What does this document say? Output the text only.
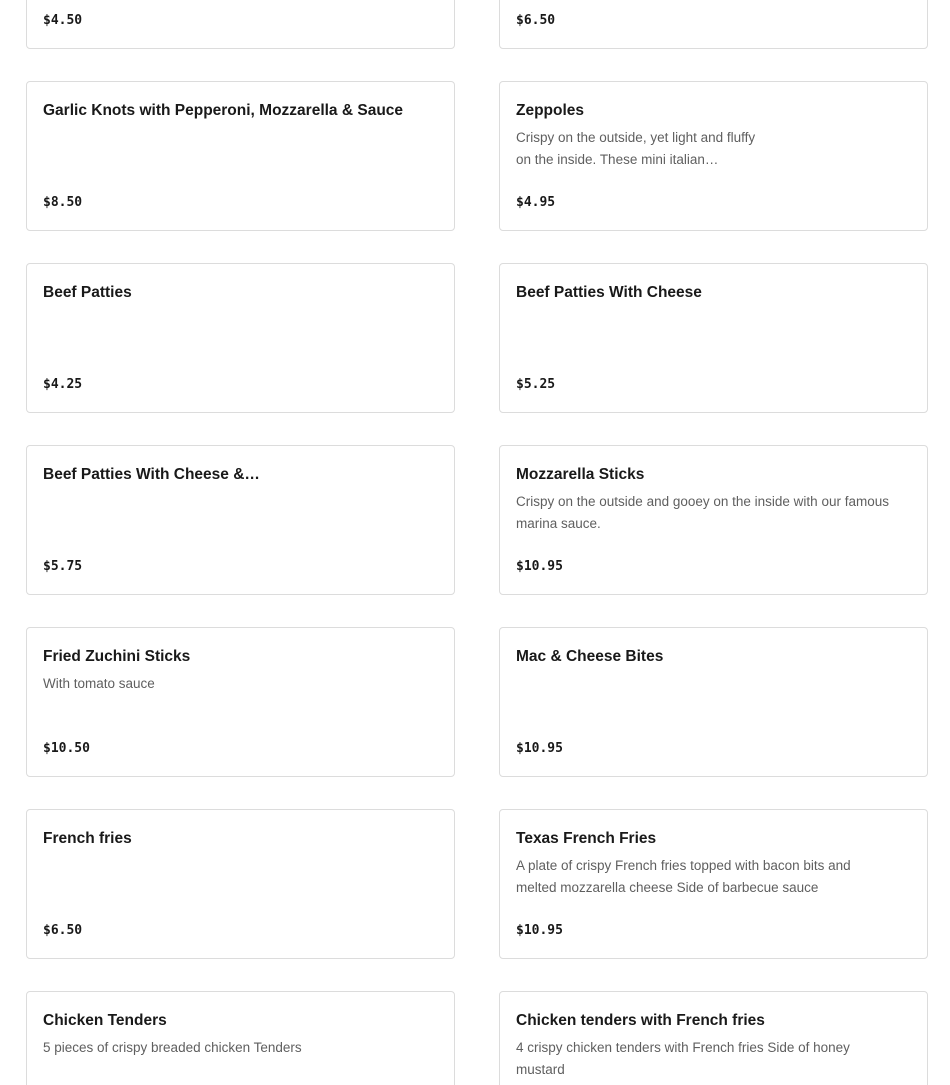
$4.50	$6.50
Garlic Knots with Pepperoni, Mozzarella & Sauce
$8.50
Zeppoles
Crispy on the outside, yet light and fluffy on the inside. These mini italian…
$4.95
Beef Patties
$4.25
Beef Patties With Cheese
$5.25
Beef Patties With Cheese &…
$5.75
Mozzarella Sticks
Crispy on the outside and gooey on the inside with our famous marina sauce.
$10.95
Fried Zuchini Sticks
With tomato sauce
$10.50
Mac & Cheese Bites
$10.95
French fries
$6.50
Texas French Fries
A plate of crispy French fries topped with bacon bits and melted mozzarella cheese Side of barbecue sauce
$10.95
Chicken Tenders
5 pieces of crispy breaded chicken Tenders
Chicken tenders with French fries
4 crispy chicken tenders with French fries Side of honey mustard
